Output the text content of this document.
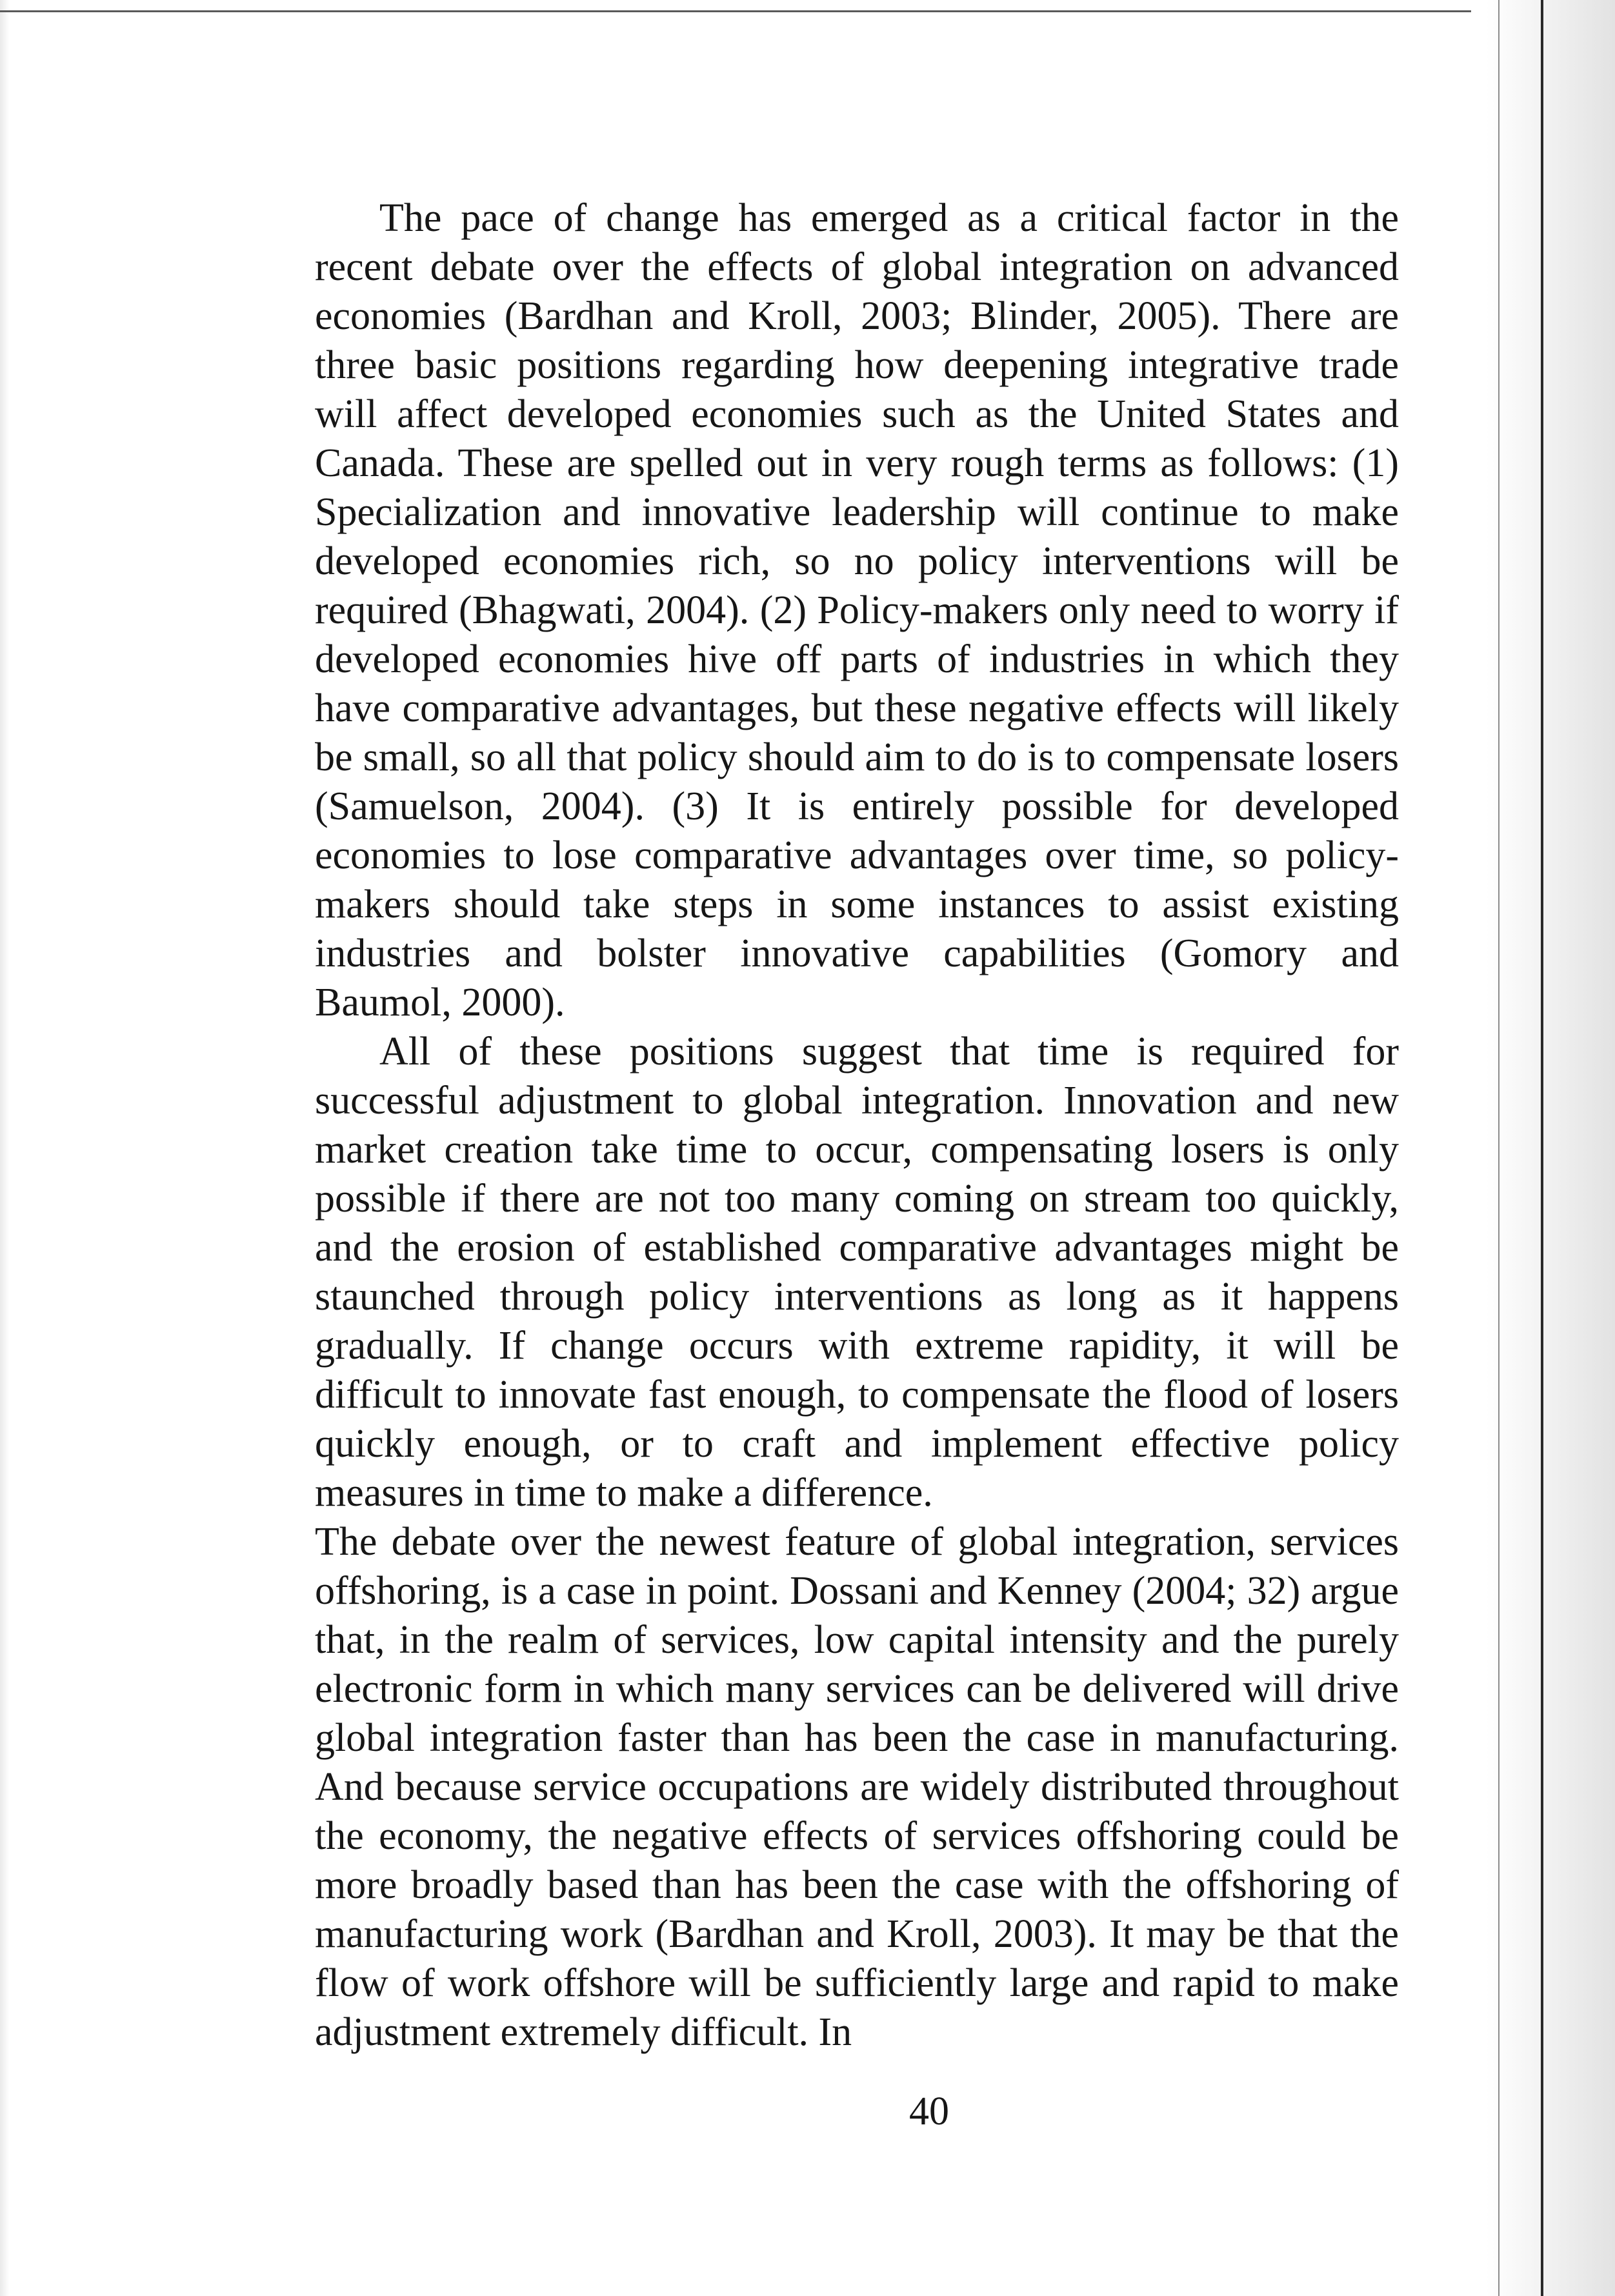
The pace of change has emerged as a critical factor in the recent debate over the effects of global integration on advanced economies (Bardhan and Kroll, 2003; Blinder, 2005). There are three basic positions regarding how deepening integrative trade will affect developed economies such as the United States and Canada. These are spelled out in very rough terms as follows: (1) Specialization and innovative leadership will continue to make developed economies rich, so no policy interventions will be required (Bhagwati, 2004). (2) Policy-makers only need to worry if developed economies hive off parts of industries in which they have comparative advantages, but these negative effects will likely be small, so all that policy should aim to do is to compensate losers (Samuelson, 2004). (3) It is entirely possible for developed economies to lose comparative advantages over time, so policy-makers should take steps in some instances to assist existing industries and bolster innovative capabilities (Gomory and Baumol, 2000).

All of these positions suggest that time is required for successful adjustment to global integration. Innovation and new market creation take time to occur, compensating losers is only possible if there are not too many coming on stream too quickly, and the erosion of established comparative advantages might be staunched through policy interventions as long as it happens gradually. If change occurs with extreme rapidity, it will be difficult to innovate fast enough, to compensate the flood of losers quickly enough, or to craft and implement effective policy measures in time to make a difference.

The debate over the newest feature of global integration, services offshoring, is a case in point. Dossani and Kenney (2004; 32) argue that, in the realm of services, low capital intensity and the purely electronic form in which many services can be delivered will drive global integration faster than has been the case in manufacturing. And because service occupations are widely distributed throughout the economy, the negative effects of services offshoring could be more broadly based than has been the case with the offshoring of manufacturing work (Bardhan and Kroll, 2003). It may be that the flow of work offshore will be sufficiently large and rapid to make adjustment extremely difficult. In

40
